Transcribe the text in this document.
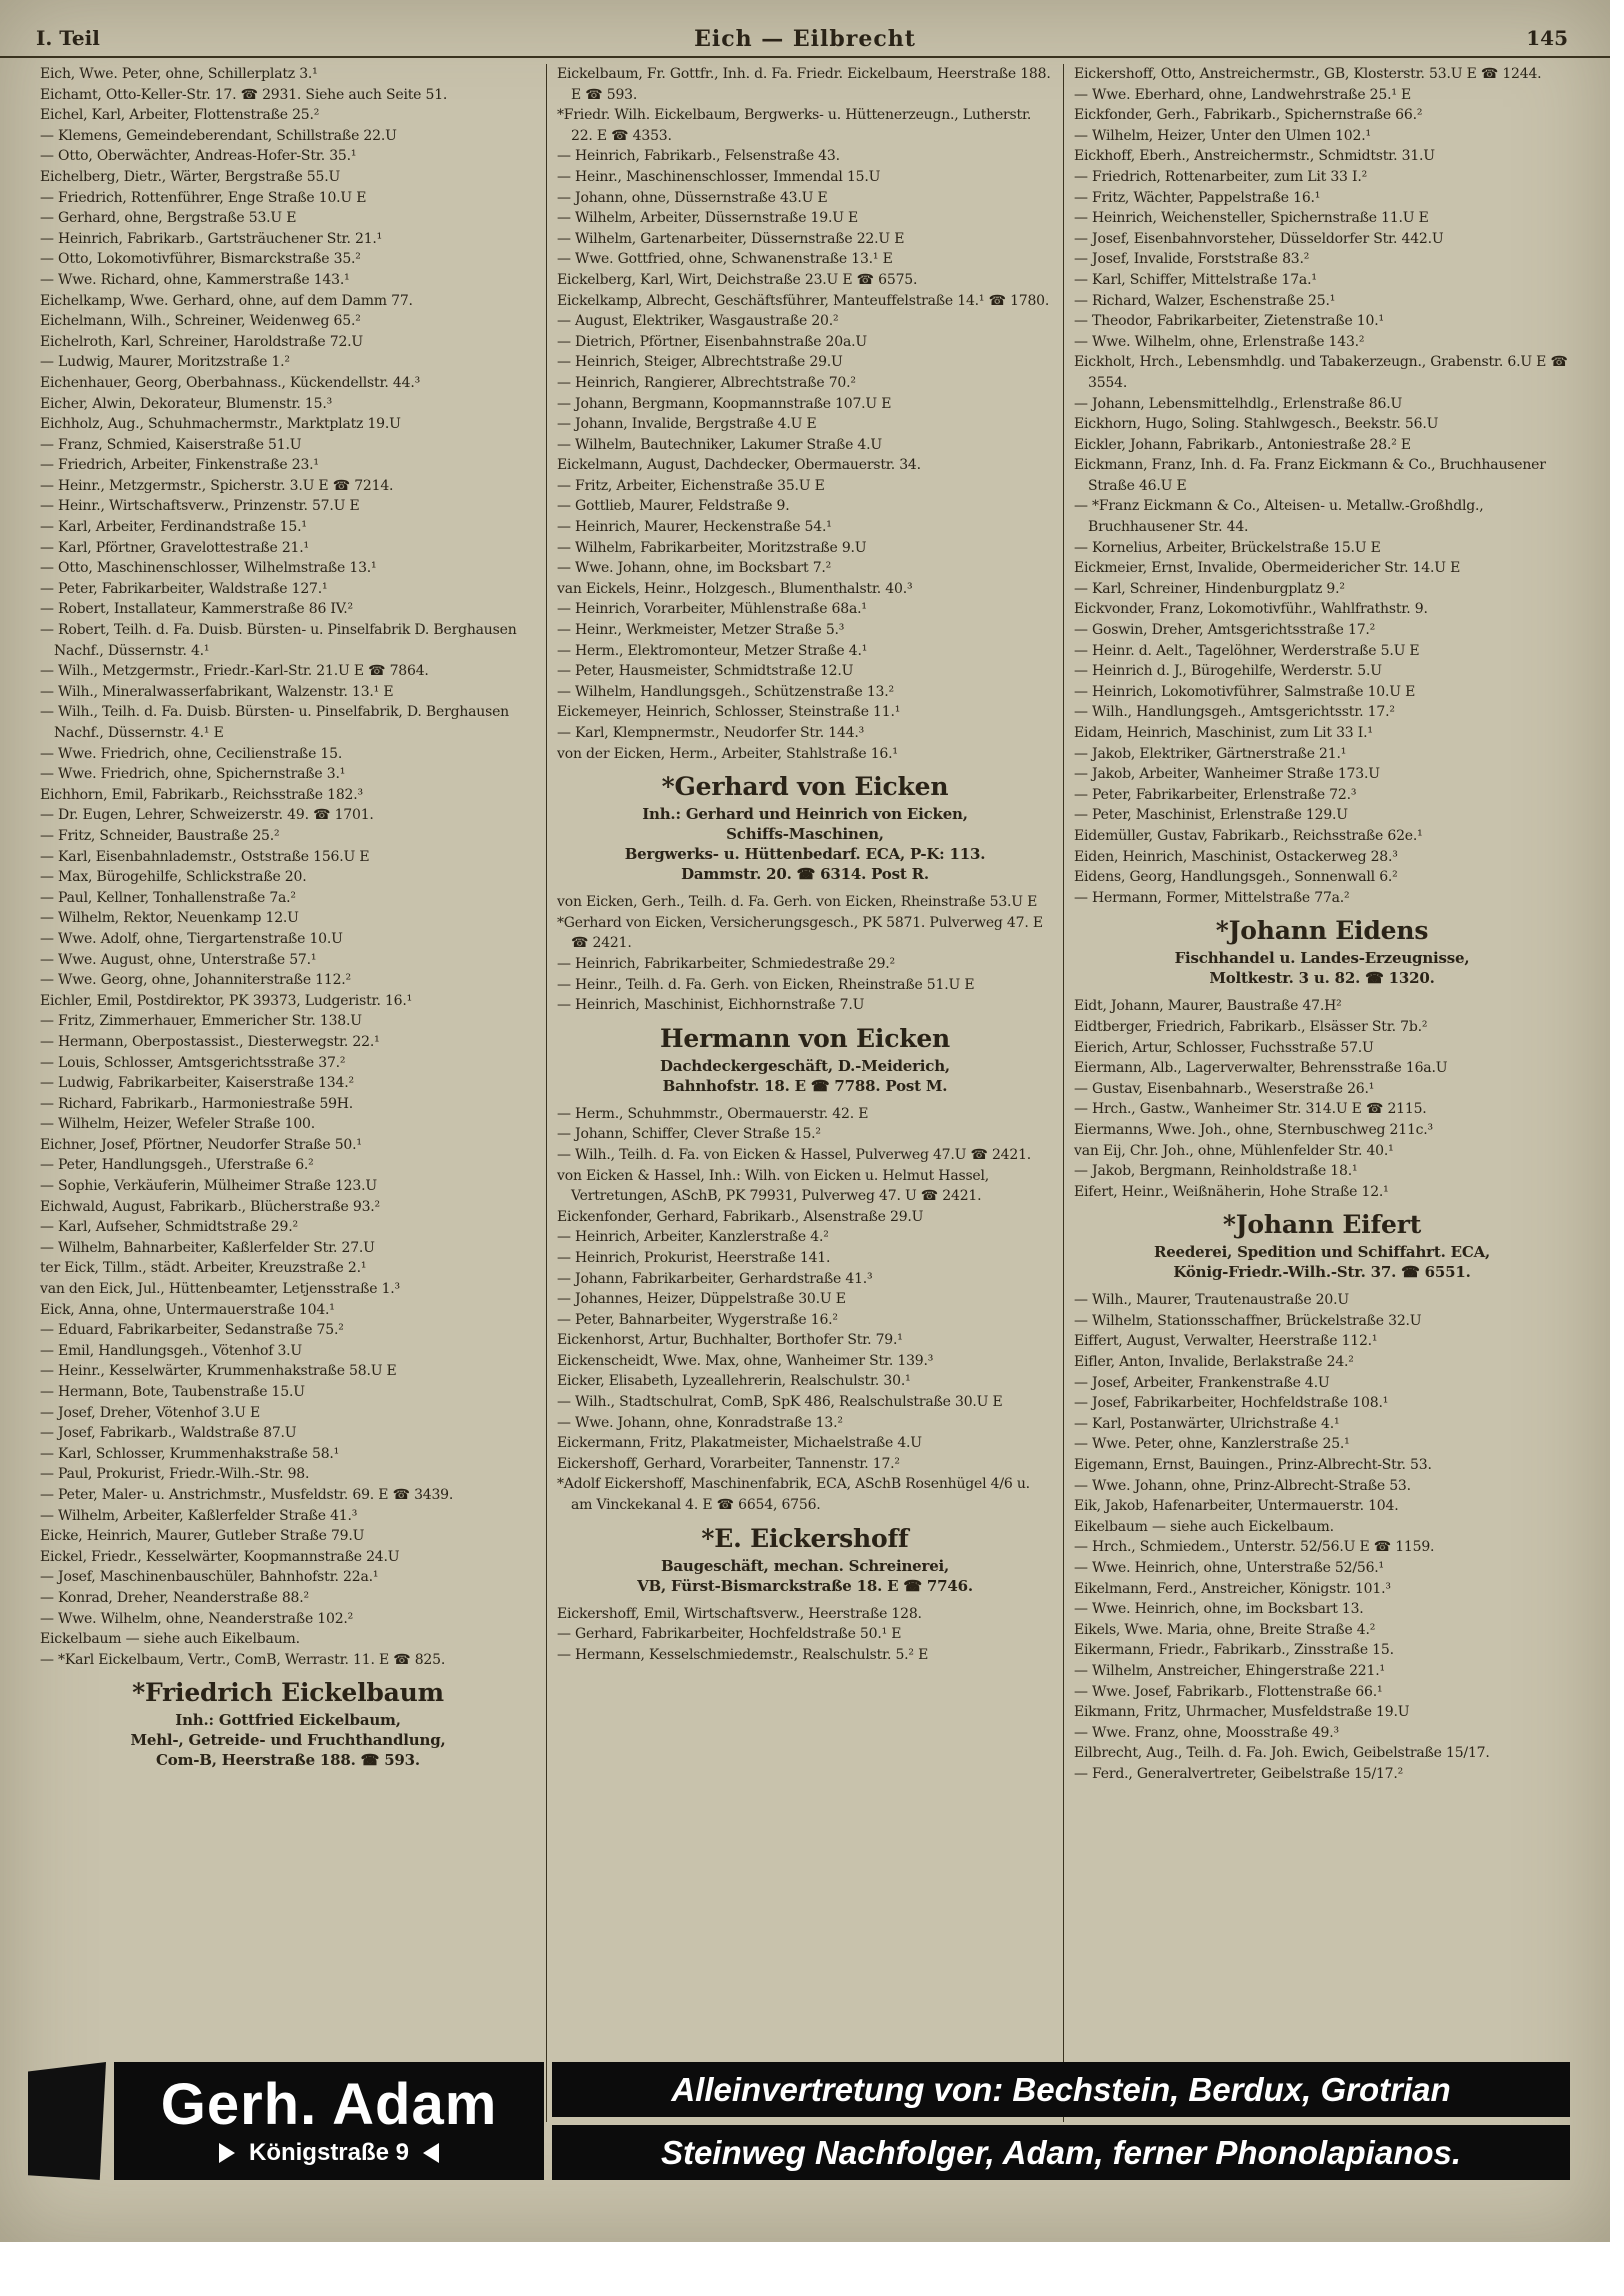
I. Teil	Eich — Eilbrecht	145

Eich, Wwe. Peter, ohne, Schillerplatz 3.¹

Eichamt, Otto-Keller-Str. 17. ☎ 2931. Siehe auch Seite 51.

Eichel, Karl, Arbeiter, Flottenstraße 25.²

— Klemens, Gemeindeberendant, Schillstraße 22.U

— Otto, Oberwächter, Andreas-Hofer-Str. 35.¹

Eichelberg, Dietr., Wärter, Bergstraße 55.U

— Friedrich, Rottenführer, Enge Straße 10.U E

— Gerhard, ohne, Bergstraße 53.U E

— Heinrich, Fabrikarb., Gartsträuchener Str. 21.¹

— Otto, Lokomotivführer, Bismarckstraße 35.²

— Wwe. Richard, ohne, Kammerstraße 143.¹

Eichelkamp, Wwe. Gerhard, ohne, auf dem Damm 77.

Eichelmann, Wilh., Schreiner, Weidenweg 65.²

Eichelroth, Karl, Schreiner, Haroldstraße 72.U

— Ludwig, Maurer, Moritzstraße 1.²

Eichenhauer, Georg, Oberbahnass., Kückendellstr. 44.³

Eicher, Alwin, Dekorateur, Blumenstr. 15.³

Eichholz, Aug., Schuhmachermstr., Marktplatz 19.U

— Franz, Schmied, Kaiserstraße 51.U

— Friedrich, Arbeiter, Finkenstraße 23.¹

— Heinr., Metzgermstr., Spicherstr. 3.U E ☎ 7214.

— Heinr., Wirtschaftsverw., Prinzenstr. 57.U E

— Karl, Arbeiter, Ferdinandstraße 15.¹

— Karl, Pförtner, Gravelottestraße 21.¹

— Otto, Maschinenschlosser, Wilhelmstraße 13.¹

— Peter, Fabrikarbeiter, Waldstraße 127.¹

— Robert, Installateur, Kammerstraße 86 IV.²

— Robert, Teilh. d. Fa. Duisb. Bürsten- u. Pinselfabrik D. Berghausen Nachf., Düssernstr. 4.¹

— Wilh., Metzgermstr., Friedr.-Karl-Str. 21.U E ☎ 7864.

— Wilh., Mineralwasserfabrikant, Walzenstr. 13.¹ E

— Wilh., Teilh. d. Fa. Duisb. Bürsten- u. Pinselfabrik, D. Berghausen Nachf., Düssernstr. 4.¹ E

— Wwe. Friedrich, ohne, Cecilienstraße 15.

— Wwe. Friedrich, ohne, Spichernstraße 3.¹

Eichhorn, Emil, Fabrikarb., Reichsstraße 182.³

— Dr. Eugen, Lehrer, Schweizerstr. 49. ☎ 1701.

— Fritz, Schneider, Baustraße 25.²

— Karl, Eisenbahnlademstr., Oststraße 156.U E

— Max, Bürogehilfe, Schlickstraße 20.

— Paul, Kellner, Tonhallenstraße 7a.²

— Wilhelm, Rektor, Neuenkamp 12.U

— Wwe. Adolf, ohne, Tiergartenstraße 10.U

— Wwe. August, ohne, Unterstraße 57.¹

— Wwe. Georg, ohne, Johanniterstraße 112.²

Eichler, Emil, Postdirektor, PK 39373, Ludgeristr. 16.¹

— Fritz, Zimmerhauer, Emmericher Str. 138.U

— Hermann, Oberpostassist., Diesterwegstr. 22.¹

— Louis, Schlosser, Amtsgerichtsstraße 37.²

— Ludwig, Fabrikarbeiter, Kaiserstraße 134.²

— Richard, Fabrikarb., Harmoniestraße 59H.

— Wilhelm, Heizer, Wefeler Straße 100.

Eichner, Josef, Pförtner, Neudorfer Straße 50.¹

— Peter, Handlungsgeh., Uferstraße 6.²

— Sophie, Verkäuferin, Mülheimer Straße 123.U

Eichwald, August, Fabrikarb., Blücherstraße 93.²

— Karl, Aufseher, Schmidtstraße 29.²

— Wilhelm, Bahnarbeiter, Kaßlerfelder Str. 27.U

ter Eick, Tillm., städt. Arbeiter, Kreuzstraße 2.¹

van den Eick, Jul., Hüttenbeamter, Letjensstraße 1.³

Eick, Anna, ohne, Untermauerstraße 104.¹

— Eduard, Fabrikarbeiter, Sedanstraße 75.²

— Emil, Handlungsgeh., Vötenhof 3.U

— Heinr., Kesselwärter, Krummenhakstraße 58.U E

— Hermann, Bote, Taubenstraße 15.U

— Josef, Dreher, Vötenhof 3.U E

— Josef, Fabrikarb., Waldstraße 87.U

— Karl, Schlosser, Krummenhakstraße 58.¹

— Paul, Prokurist, Friedr.-Wilh.-Str. 98.

— Peter, Maler- u. Anstrichmstr., Musfeldstr. 69. E ☎ 3439.

— Wilhelm, Arbeiter, Kaßlerfelder Straße 41.³

Eicke, Heinrich, Maurer, Gutleber Straße 79.U

Eickel, Friedr., Kesselwärter, Koopmannstraße 24.U

— Josef, Maschinenbauschüler, Bahnhofstr. 22a.¹

— Konrad, Dreher, Neanderstraße 88.²

— Wwe. Wilhelm, ohne, Neanderstraße 102.²

Eickelbaum — siehe auch Eikelbaum.

— *Karl Eickelbaum, Vertr., ComB, Werrastr. 11. E ☎ 825.

*Friedrich Eickelbaum
Inh.: Gottfried Eickelbaum,
Mehl-, Getreide- und Fruchthandlung,
Com-B, Heerstraße 188. ☎ 593.

Eickelbaum, Fr. Gottfr., Inh. d. Fa. Friedr. Eickelbaum, Heerstraße 188. E ☎ 593.

*Friedr. Wilh. Eickelbaum, Bergwerks- u. Hüttenerzeugn., Lutherstr. 22. E ☎ 4353.

— Heinrich, Fabrikarb., Felsenstraße 43.

— Heinr., Maschinenschlosser, Immendal 15.U

— Johann, ohne, Düssernstraße 43.U E

— Wilhelm, Arbeiter, Düssernstraße 19.U E

— Wilhelm, Gartenarbeiter, Düssernstraße 22.U E

— Wwe. Gottfried, ohne, Schwanenstraße 13.¹ E

Eickelberg, Karl, Wirt, Deichstraße 23.U E ☎ 6575.

Eickelkamp, Albrecht, Geschäftsführer, Manteuffelstraße 14.¹ ☎ 1780.

— August, Elektriker, Wasgaustraße 20.²

— Dietrich, Pförtner, Eisenbahnstraße 20a.U

— Heinrich, Steiger, Albrechtstraße 29.U

— Heinrich, Rangierer, Albrechtstraße 70.²

— Johann, Bergmann, Koopmannstraße 107.U E

— Johann, Invalide, Bergstraße 4.U E

— Wilhelm, Bautechniker, Lakumer Straße 4.U

Eickelmann, August, Dachdecker, Obermauerstr. 34.

— Fritz, Arbeiter, Eichenstraße 35.U E

— Gottlieb, Maurer, Feldstraße 9.

— Heinrich, Maurer, Heckenstraße 54.¹

— Wilhelm, Fabrikarbeiter, Moritzstraße 9.U

— Wwe. Johann, ohne, im Bocksbart 7.²

van Eickels, Heinr., Holzgesch., Blumenthalstr. 40.³

— Heinrich, Vorarbeiter, Mühlenstraße 68a.¹

— Heinr., Werkmeister, Metzer Straße 5.³

— Herm., Elektromonteur, Metzer Straße 4.¹

— Peter, Hausmeister, Schmidtstraße 12.U

— Wilhelm, Handlungsgeh., Schützenstraße 13.²

Eickemeyer, Heinrich, Schlosser, Steinstraße 11.¹

— Karl, Klempnermstr., Neudorfer Str. 144.³

von der Eicken, Herm., Arbeiter, Stahlstraße 16.¹

*Gerhard von Eicken
Inh.: Gerhard und Heinrich von Eicken,
Schiffs-Maschinen,
Bergwerks- u. Hüttenbedarf. ECA, P-K: 113.
Dammstr. 20. ☎ 6314. Post R.

von Eicken, Gerh., Teilh. d. Fa. Gerh. von Eicken, Rheinstraße 53.U E

*Gerhard von Eicken, Versicherungsgesch., PK 5871. Pulverweg 47. E ☎ 2421.

— Heinrich, Fabrikarbeiter, Schmiedestraße 29.²

— Heinr., Teilh. d. Fa. Gerh. von Eicken, Rheinstraße 51.U E

— Heinrich, Maschinist, Eichhornstraße 7.U

Hermann von Eicken
Dachdeckergeschäft, D.-Meiderich,
Bahnhofstr. 18. E ☎ 7788. Post M.

— Herm., Schuhmmstr., Obermauerstr. 42. E

— Johann, Schiffer, Clever Straße 15.²

— Wilh., Teilh. d. Fa. von Eicken & Hassel, Pulverweg 47.U ☎ 2421.

von Eicken & Hassel, Inh.: Wilh. von Eicken u. Helmut Hassel, Vertretungen, ASchB, PK 79931, Pulverweg 47. U ☎ 2421.

Eickenfonder, Gerhard, Fabrikarb., Alsenstraße 29.U

— Heinrich, Arbeiter, Kanzlerstraße 4.²

— Heinrich, Prokurist, Heerstraße 141.

— Johann, Fabrikarbeiter, Gerhardstraße 41.³

— Johannes, Heizer, Düppelstraße 30.U E

— Peter, Bahnarbeiter, Wygerstraße 16.²

Eickenhorst, Artur, Buchhalter, Borthofer Str. 79.¹

Eickenscheidt, Wwe. Max, ohne, Wanheimer Str. 139.³

Eicker, Elisabeth, Lyzeallehrerin, Realschulstr. 30.¹

— Wilh., Stadtschulrat, ComB, SpK 486, Realschulstraße 30.U E

— Wwe. Johann, ohne, Konradstraße 13.²

Eickermann, Fritz, Plakatmeister, Michaelstraße 4.U

Eickershoff, Gerhard, Vorarbeiter, Tannenstr. 17.²

*Adolf Eickershoff, Maschinenfabrik, ECA, ASchB Rosenhügel 4/6 u. am Vinckekanal 4. E ☎ 6654, 6756.

*E. Eickershoff
Baugeschäft, mechan. Schreinerei,
VB, Fürst-Bismarckstraße 18. E ☎ 7746.

Eickershoff, Emil, Wirtschaftsverw., Heerstraße 128.

— Gerhard, Fabrikarbeiter, Hochfeldstraße 50.¹ E

— Hermann, Kesselschmiedemstr., Realschulstr. 5.² E

Eickershoff, Otto, Anstreichermstr., GB, Klosterstr. 53.U E ☎ 1244.

— Wwe. Eberhard, ohne, Landwehrstraße 25.¹ E

Eickfonder, Gerh., Fabrikarb., Spichernstraße 66.²

— Wilhelm, Heizer, Unter den Ulmen 102.¹

Eickhoff, Eberh., Anstreichermstr., Schmidtstr. 31.U

— Friedrich, Rottenarbeiter, zum Lit 33 I.²

— Fritz, Wächter, Pappelstraße 16.¹

— Heinrich, Weichensteller, Spichernstraße 11.U E

— Josef, Eisenbahnvorsteher, Düsseldorfer Str. 442.U

— Josef, Invalide, Forststraße 83.²

— Karl, Schiffer, Mittelstraße 17a.¹

— Richard, Walzer, Eschenstraße 25.¹

— Theodor, Fabrikarbeiter, Zietenstraße 10.¹

— Wwe. Wilhelm, ohne, Erlenstraße 143.²

Eickholt, Hrch., Lebensmhdlg. und Tabakerzeugn., Grabenstr. 6.U E ☎ 3554.

— Johann, Lebensmittelhdlg., Erlenstraße 86.U

Eickhorn, Hugo, Soling. Stahlwgesch., Beekstr. 56.U

Eickler, Johann, Fabrikarb., Antoniestraße 28.² E

Eickmann, Franz, Inh. d. Fa. Franz Eickmann & Co., Bruchhausener Straße 46.U E

— *Franz Eickmann & Co., Alteisen- u. Metallw.-Großhdlg., Bruchhausener Str. 44.

— Kornelius, Arbeiter, Brückelstraße 15.U E

Eickmeier, Ernst, Invalide, Obermeidericher Str. 14.U E

— Karl, Schreiner, Hindenburgplatz 9.²

Eickvonder, Franz, Lokomotivführ., Wahlfrathstr. 9.

— Goswin, Dreher, Amtsgerichtsstraße 17.²

— Heinr. d. Aelt., Tagelöhner, Werderstraße 5.U E

— Heinrich d. J., Bürogehilfe, Werderstr. 5.U

— Heinrich, Lokomotivführer, Salmstraße 10.U E

— Wilh., Handlungsgeh., Amtsgerichtsstr. 17.²

Eidam, Heinrich, Maschinist, zum Lit 33 I.¹

— Jakob, Elektriker, Gärtnerstraße 21.¹

— Jakob, Arbeiter, Wanheimer Straße 173.U

— Peter, Fabrikarbeiter, Erlenstraße 72.³

— Peter, Maschinist, Erlenstraße 129.U

Eidemüller, Gustav, Fabrikarb., Reichsstraße 62e.¹

Eiden, Heinrich, Maschinist, Ostackerweg 28.³

Eidens, Georg, Handlungsgeh., Sonnenwall 6.²

— Hermann, Former, Mittelstraße 77a.²

*Johann Eidens
Fischhandel u. Landes-Erzeugnisse,
Moltkestr. 3 u. 82. ☎ 1320.

Eidt, Johann, Maurer, Baustraße 47.H²

Eidtberger, Friedrich, Fabrikarb., Elsässer Str. 7b.²

Eierich, Artur, Schlosser, Fuchsstraße 57.U

Eiermann, Alb., Lagerverwalter, Behrensstraße 16a.U

— Gustav, Eisenbahnarb., Weserstraße 26.¹

— Hrch., Gastw., Wanheimer Str. 314.U E ☎ 2115.

Eiermanns, Wwe. Joh., ohne, Sternbuschweg 211c.³

van Eij, Chr. Joh., ohne, Mühlenfelder Str. 40.¹

— Jakob, Bergmann, Reinholdstraße 18.¹

Eifert, Heinr., Weißnäherin, Hohe Straße 12.¹

*Johann Eifert
Reederei, Spedition und Schiffahrt. ECA,
König-Friedr.-Wilh.-Str. 37. ☎ 6551.

— Wilh., Maurer, Trautenaustraße 20.U

— Wilhelm, Stationsschaffner, Brückelstraße 32.U

Eiffert, August, Verwalter, Heerstraße 112.¹

Eifler, Anton, Invalide, Berlakstraße 24.²

— Josef, Arbeiter, Frankenstraße 4.U

— Josef, Fabrikarbeiter, Hochfeldstraße 108.¹

— Karl, Postanwärter, Ulrichstraße 4.¹

— Wwe. Peter, ohne, Kanzlerstraße 25.¹

Eigemann, Ernst, Bauingen., Prinz-Albrecht-Str. 53.

— Wwe. Johann, ohne, Prinz-Albrecht-Straße 53.

Eik, Jakob, Hafenarbeiter, Untermauerstr. 104.

Eikelbaum — siehe auch Eickelbaum.

— Hrch., Schmiedem., Unterstr. 52/56.U E ☎ 1159.

— Wwe. Heinrich, ohne, Unterstraße 52/56.¹

Eikelmann, Ferd., Anstreicher, Königstr. 101.³

— Wwe. Heinrich, ohne, im Bocksbart 13.

Eikels, Wwe. Maria, ohne, Breite Straße 4.²

Eikermann, Friedr., Fabrikarb., Zinsstraße 15.

— Wilhelm, Anstreicher, Ehingerstraße 221.¹

— Wwe. Josef, Fabrikarb., Flottenstraße 66.¹

Eikmann, Fritz, Uhrmacher, Musfeldstraße 19.U

— Wwe. Franz, ohne, Moosstraße 49.³

Eilbrecht, Aug., Teilh. d. Fa. Joh. Ewich, Geibelstraße 15/17.

— Ferd., Generalvertreter, Geibelstraße 15/17.²

Gerh. Adam
Königstraße 9
Alleinvertretung von: Bechstein, Berdux, Grotrian
Steinweg Nachfolger, Adam, ferner Phonolapianos.
